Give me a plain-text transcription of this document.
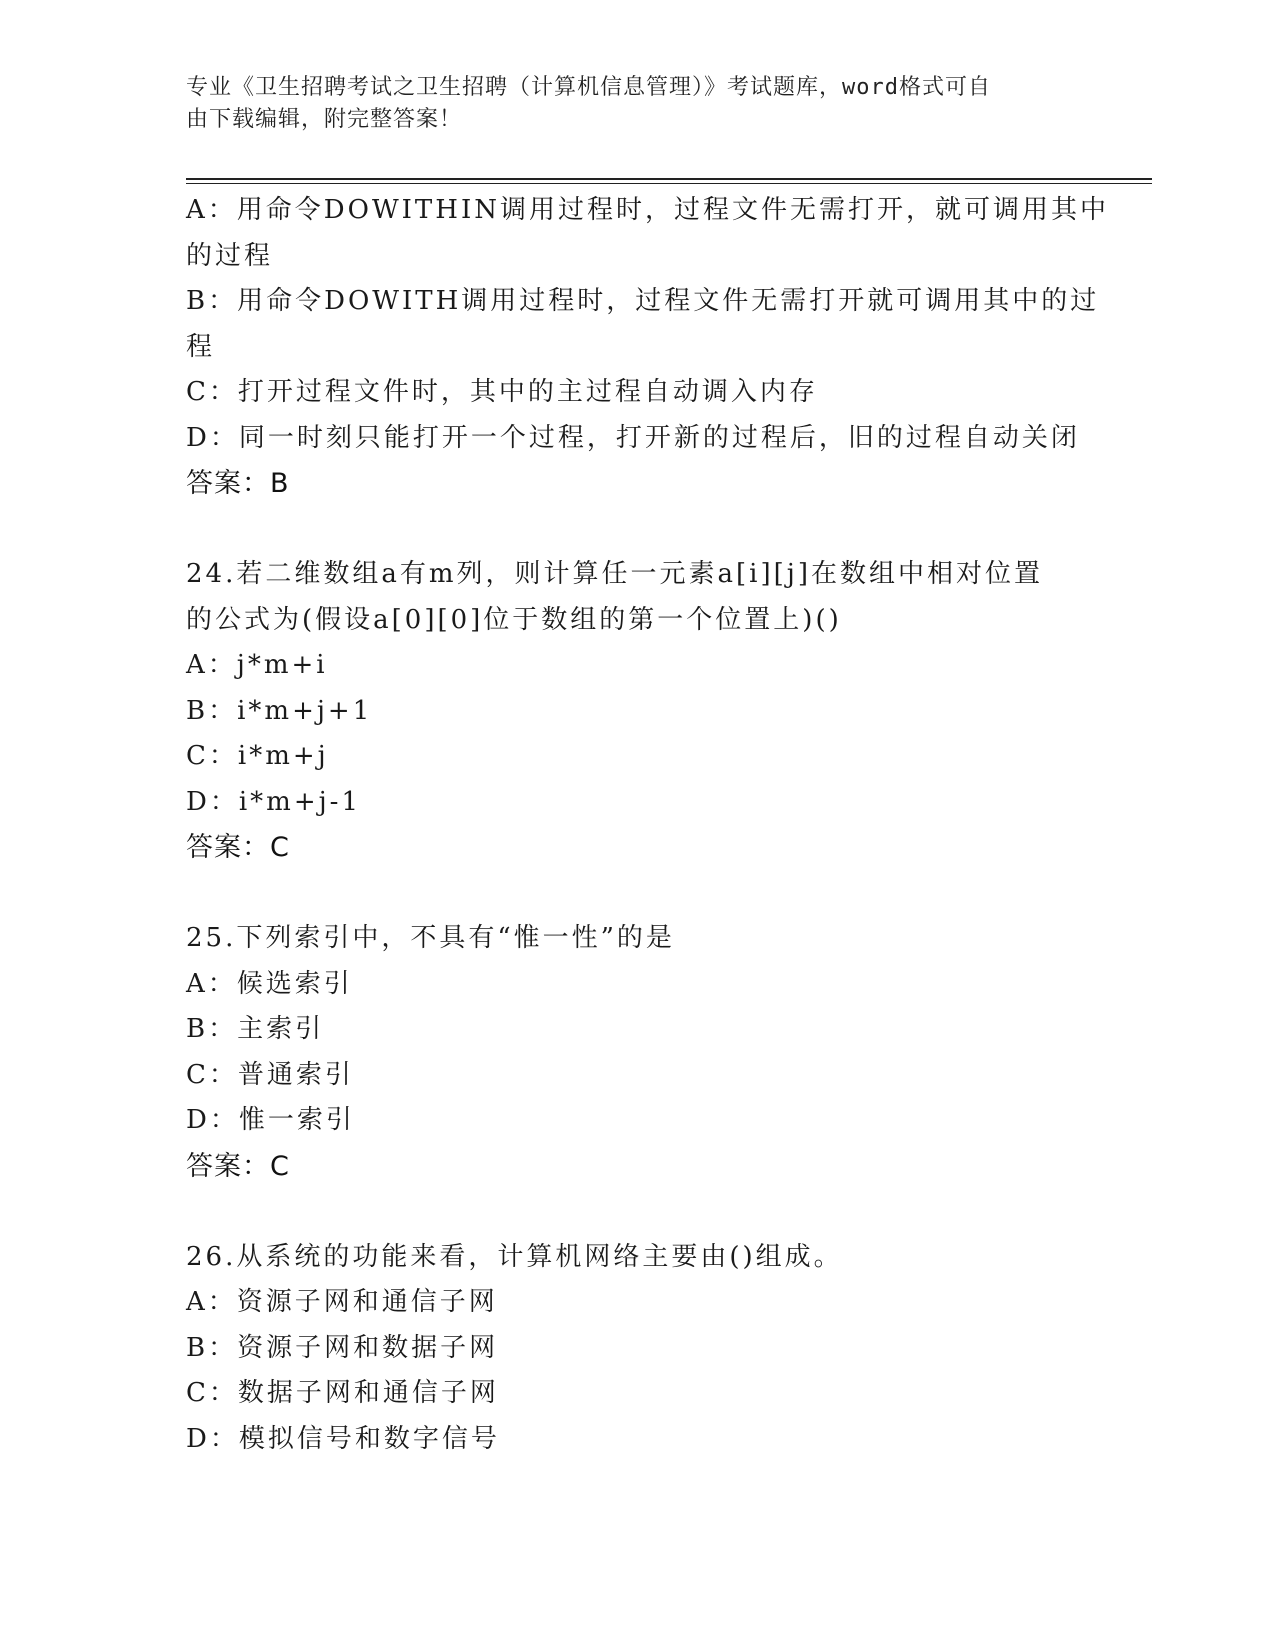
专业《卫生招聘考试之卫生招聘（计算机信息管理）》考试题库，word格式可自
由下载编辑，附完整答案！
A：用命令DOWITHIN调用过程时，过程文件无需打开，就可调用其中
的过程
B：用命令DOWITH调用过程时，过程文件无需打开就可调用其中的过
程
C：打开过程文件时，其中的主过程自动调入内存
D：同一时刻只能打开一个过程，打开新的过程后，旧的过程自动关闭
答案：B
24.若二维数组a有m列，则计算任一元素a[i][j]在数组中相对位置
的公式为(假设a[0][0]位于数组的第一个位置上)()
A：j*m+i
B：i*m+j+1
C：i*m+j
D：i*m+j-1
答案：C
25.下列索引中，不具有“惟一性”的是
A：候选索引
B：主索引
C：普通索引
D：惟一索引
答案：C
26.从系统的功能来看，计算机网络主要由()组成。
A：资源子网和通信子网
B：资源子网和数据子网
C：数据子网和通信子网
D：模拟信号和数字信号
